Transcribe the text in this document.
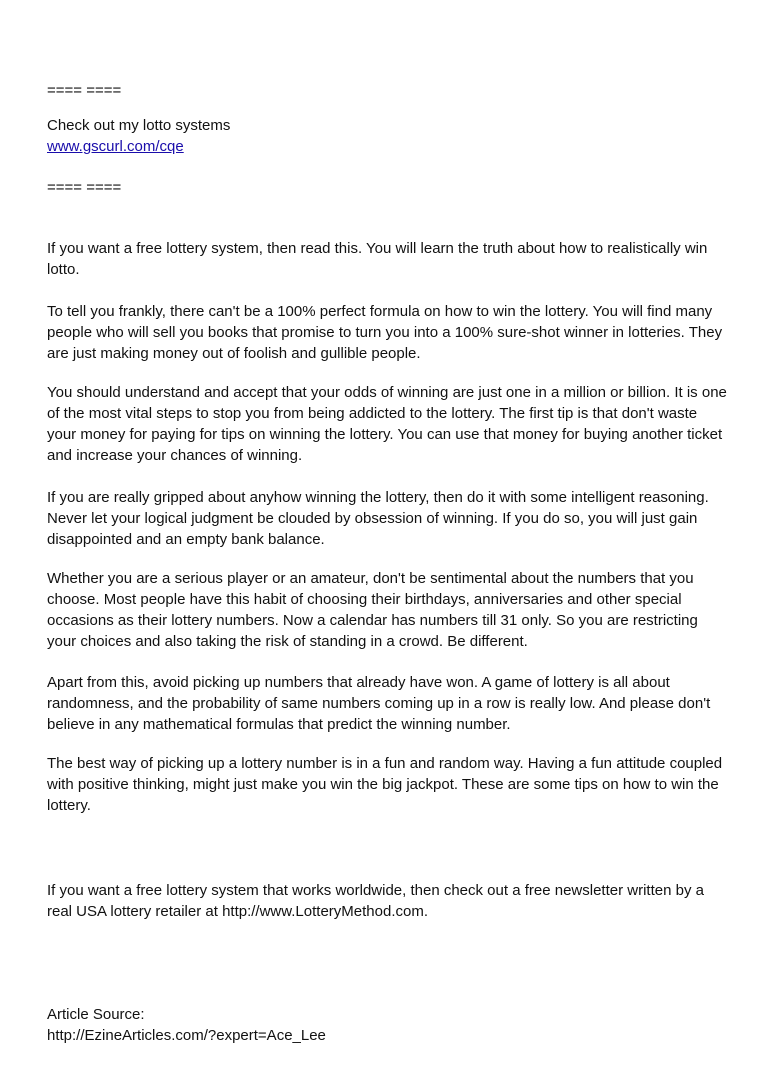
==== ====
Check out my lotto systems
www.gscurl.com/cqe
==== ====

If you want a free lottery system, then read this. You will learn the truth about how to realistically win lotto.

To tell you frankly, there can't be a 100% perfect formula on how to win the lottery. You will find many people who will sell you books that promise to turn you into a 100% sure-shot winner in lotteries. They are just making money out of foolish and gullible people.

You should understand and accept that your odds of winning are just one in a million or billion. It is one of the most vital steps to stop you from being addicted to the lottery. The first tip is that don't waste your money for paying for tips on winning the lottery. You can use that money for buying another ticket and increase your chances of winning.

If you are really gripped about anyhow winning the lottery, then do it with some intelligent reasoning. Never let your logical judgment be clouded by obsession of winning. If you do so, you will just gain disappointed and an empty bank balance.

Whether you are a serious player or an amateur, don't be sentimental about the numbers that you choose. Most people have this habit of choosing their birthdays, anniversaries and other special occasions as their lottery numbers. Now a calendar has numbers till 31 only. So you are restricting your choices and also taking the risk of standing in a crowd. Be different.

Apart from this, avoid picking up numbers that already have won. A game of lottery is all about randomness, and the probability of same numbers coming up in a row is really low. And please don't believe in any mathematical formulas that predict the winning number.

The best way of picking up a lottery number is in a fun and random way. Having a fun attitude coupled with positive thinking, might just make you win the big jackpot. These are some tips on how to win the lottery.

If you want a free lottery system that works worldwide, then check out a free newsletter written by a real USA lottery retailer at http://www.LotteryMethod.com.

Article Source:
http://EzineArticles.com/?expert=Ace_Lee
